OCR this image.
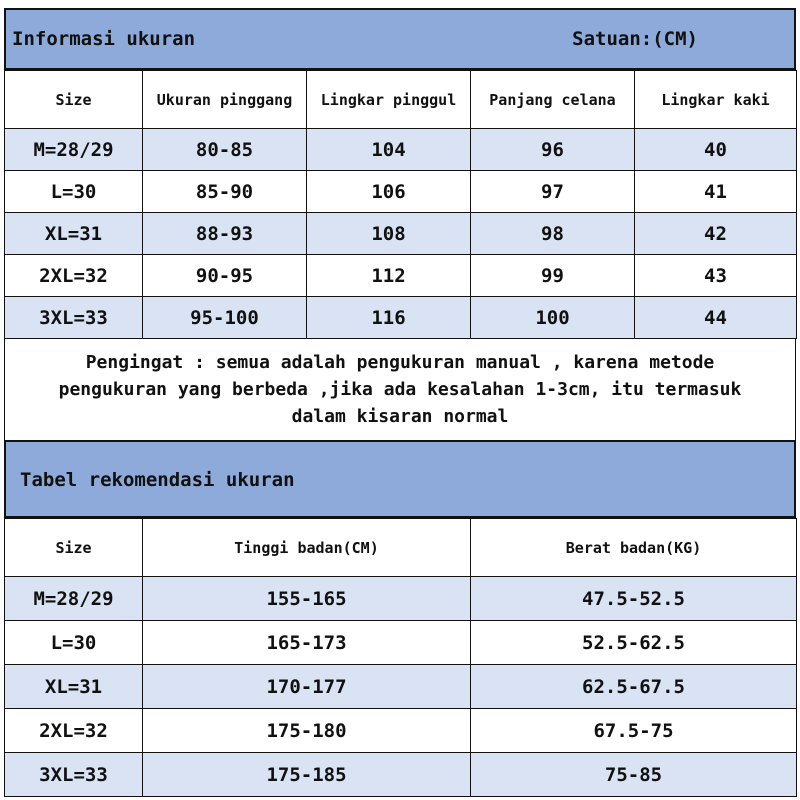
Informasi ukuran	Satuan:(CM)
Size	Ukuran pinggang	Lingkar pinggul	Panjang celana	Lingkar kaki
M=28/29	80-85	104	96	40
L=30	85-90	106	97	41
XL=31	88-93	108	98	42
2XL=32	90-95	112	99	43
3XL=33	95-100	116	100	44
Pengingat : semua adalah pengukuran manual , karena metode
pengukuran yang berbeda ,jika ada kesalahan 1-3cm, itu termasuk
dalam kisaran normal
Tabel rekomendasi ukuran
Size	Tinggi badan(CM)	Berat badan(KG)
M=28/29	155-165	47.5-52.5
L=30	165-173	52.5-62.5
XL=31	170-177	62.5-67.5
2XL=32	175-180	67.5-75
3XL=33	175-185	75-85
